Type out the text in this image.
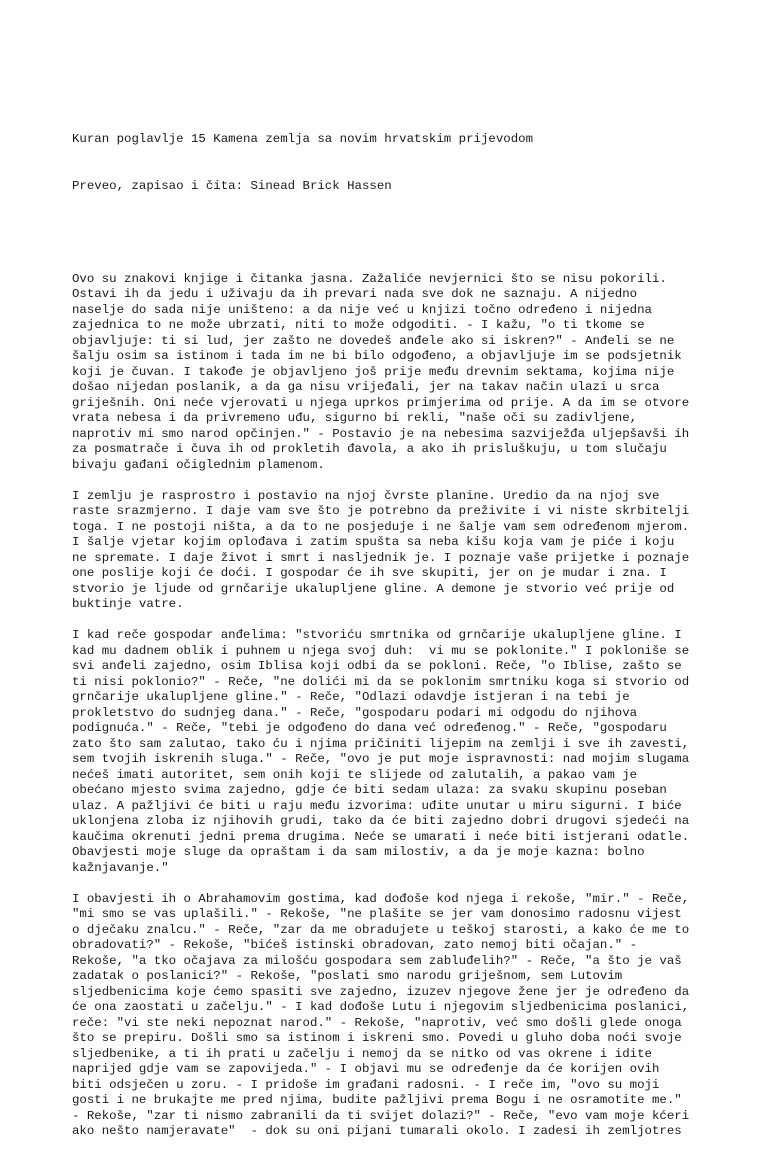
Kuran poglavlje 15 Kamena zemlja sa novim hrvatskim prijevodom

Preveo, zapisao i čita: Sinead Brick Hassen

Ovo su znakovi knjige i čitanka jasna. Zažaliće nevjernici što se nisu pokorili.
Ostavi ih da jedu i uživaju da ih prevari nada sve dok ne saznaju. A nijedno
naselje do sada nije uništeno: a da nije već u knjizi točno određeno i nijedna
zajednica to ne može ubrzati, niti to može odgoditi. - I kažu, "o ti tkome se
objavljuje: ti si lud, jer zašto ne dovedeš anđele ako si iskren?" - Anđeli se ne
šalju osim sa istinom i tada im ne bi bilo odgođeno, a objavljuje im se podsjetnik
koji je čuvan. I takođe je objavljeno još prije među drevnim sektama, kojima nije
došao nijedan poslanik, a da ga nisu vrijeđali, jer na takav način ulazi u srca
griješnih. Oni neće vjerovati u njega uprkos primjerima od prije. A da im se otvore
vrata nebesa i da privremeno uđu, sigurno bi rekli, "naše oči su zadivljene,
naprotiv mi smo narod opčinjen." - Postavio je na nebesima sazviježđa uljepšavši ih
za posmatrače i čuva ih od prokletih đavola, a ako ih prisluškuju, u tom slučaju
bivaju gađani očiglednim plamenom.
I zemlju je rasprostro i postavio na njoj čvrste planine. Uredio da na njoj sve
raste srazmjerno. I daje vam sve što je potrebno da preživite i vi niste skrbitelji
toga. I ne postoji ništa, a da to ne posjeduje i ne šalje vam sem određenom mjerom.
I šalje vjetar kojim oplođava i zatim spušta sa neba kišu koja vam je piće i koju
ne spremate. I daje život i smrt i nasljednik je. I poznaje vaše prijetke i poznaje
one poslije koji će doći. I gospodar će ih sve skupiti, jer on je mudar i zna. I
stvorio je ljude od grnčarije ukalupljene gline. A demone je stvorio već prije od
buktinje vatre.
I kad reče gospodar anđelima: "stvoriću smrtnika od grnčarije ukalupljene gline. I
kad mu dadnem oblik i puhnem u njega svoj duh:  vi mu se poklonite." I pokloniše se
svi anđeli zajedno, osim Iblisa koji odbi da se pokloni. Reče, "o Iblise, zašto se
ti nisi poklonio?" - Reče, "ne dolići mi da se poklonim smrtniku koga si stvorio od
grnčarije ukalupljene gline." - Reče, "Odlazi odavdje istjeran i na tebi je
prokletstvo do sudnjeg dana." - Reče, "gospodaru podari mi odgodu do njihova
podignuća." - Reče, "tebi je odgođeno do dana već određenog." - Reče, "gospodaru
zato što sam zalutao, tako ću i njima pričiniti lijepim na zemlji i sve ih zavesti,
sem tvojih iskrenih sluga." - Reče, "ovo je put moje ispravnosti: nad mojim slugama
nećeš imati autoritet, sem onih koji te slijede od zalutalih, a pakao vam je
obećano mjesto svima zajedno, gdje će biti sedam ulaza: za svaku skupinu poseban
ulaz. A pažljivi će biti u raju među izvorima: uđite unutar u miru sigurni. I biće
uklonjena zloba iz njihovih grudi, tako da će biti zajedno dobri drugovi sjedeći na
kaučima okrenuti jedni prema drugima. Neće se umarati i neće biti istjerani odatle.
Obavjesti moje sluge da opraštam i da sam milostiv, a da je moje kazna: bolno
kažnjavanje."
I obavjesti ih o Abrahamovim gostima, kad dođoše kod njega i rekoše, "mir." - Reče,
"mi smo se vas uplašili." - Rekoše, "ne plašite se jer vam donosimo radosnu vijest
o dječaku znalcu." - Reče, "zar da me obradujete u teškoj starosti, a kako će me to
obradovati?" - Rekoše, "bićeš istinski obradovan, zato nemoj biti očajan." -
Rekoše, "a tko očajava za milošću gospodara sem zabluđelih?" - Reče, "a što je vaš
zadatak o poslanici?" - Rekoše, "poslati smo narodu griješnom, sem Lutovim
sljedbenicima koje ćemo spasiti sve zajedno, izuzev njegove žene jer je određeno da
će ona zaostati u začelju." - I kad dođoše Lutu i njegovim sljedbenicima poslanici,
reče: "vi ste neki nepoznat narod." - Rekoše, "naprotiv, već smo došli glede onoga
što se prepiru. Došli smo sa istinom i iskreni smo. Povedi u gluho doba noći svoje
sljedbenike, a ti ih prati u začelju i nemoj da se nitko od vas okrene i idite
naprijed gdje vam se zapovijeda." - I objavi mu se određenje da će korijen ovih
biti odsječen u zoru. - I pridoše im građani radosni. - I reče im, "ovo su moji
gosti i ne brukajte me pred njima, budite pažljivi prema Bogu i ne osramotite me."
- Rekoše, "zar ti nismo zabranili da ti svijet dolazi?" - Reče, "evo vam moje kćeri
ako nešto namjeravate"  - dok su oni pijani tumarali okolo. I zadesi ih zemljotres
